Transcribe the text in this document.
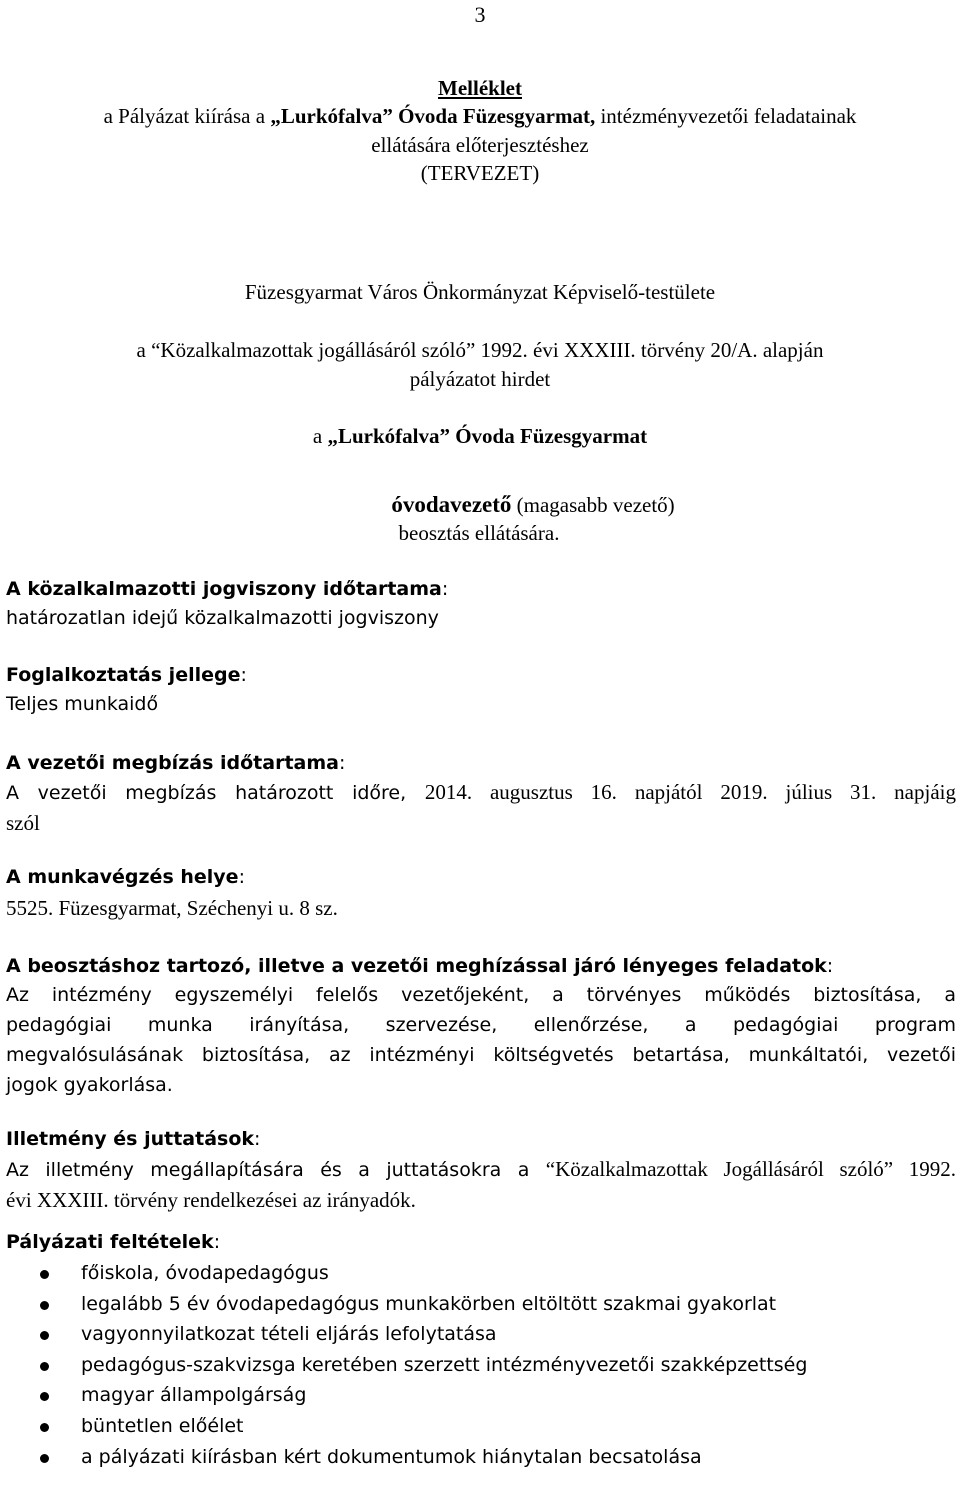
3
Melléklet
a Pályázat kiírása a „Lurkófalva” Óvoda Füzesgyarmat, intézményvezetői feladatainak
ellátására előterjesztéshez
(TERVEZET)
Füzesgyarmat Város Önkormányzat Képviselő-testülete
a “Közalkalmazottak jogállásáról szóló” 1992. évi XXXIII. törvény 20/A. alapján
pályázatot hirdet
a „Lurkófalva” Óvoda Füzesgyarmat
óvodavezető (magasabb vezető)
beosztás ellátására.
A közalkalmazotti jogviszony időtartama:
határozatlan idejű közalkalmazotti jogviszony
Foglalkoztatás jellege:
Teljes munkaidő
A vezetői megbízás időtartama:
A vezetői megbízás határozott időre, 2014. augusztus 16. napjától 2019. július 31. napjáig
szól
A munkavégzés helye:
5525. Füzesgyarmat, Széchenyi u. 8 sz.
A beosztáshoz tartozó, illetve a vezetői meghízással járó lényeges feladatok:
Az intézmény egyszemélyi felelős vezetőjeként, a törvényes működés biztosítása, a
pedagógiai munka irányítása, szervezése, ellenőrzése, a pedagógiai program
megvalósulásának biztosítása, az intézményi költségvetés betartása, munkáltatói, vezetői
jogok gyakorlása.
Illetmény és juttatások:
Az illetmény megállapítására és a juttatásokra a “Közalkalmazottak Jogállásáról szóló” 1992.
évi XXXIII. törvény rendelkezései az irányadók.
Pályázati feltételek:
főiskola, óvodapedagógus
legalább 5 év óvodapedagógus munkakörben eltöltött szakmai gyakorlat
vagyonnyilatkozat tételi eljárás lefolytatása
pedagógus-szakvizsga keretében szerzett intézményvezetői szakképzettség
magyar állampolgárság
büntetlen előélet
a pályázati kiírásban kért dokumentumok hiánytalan becsatolása
